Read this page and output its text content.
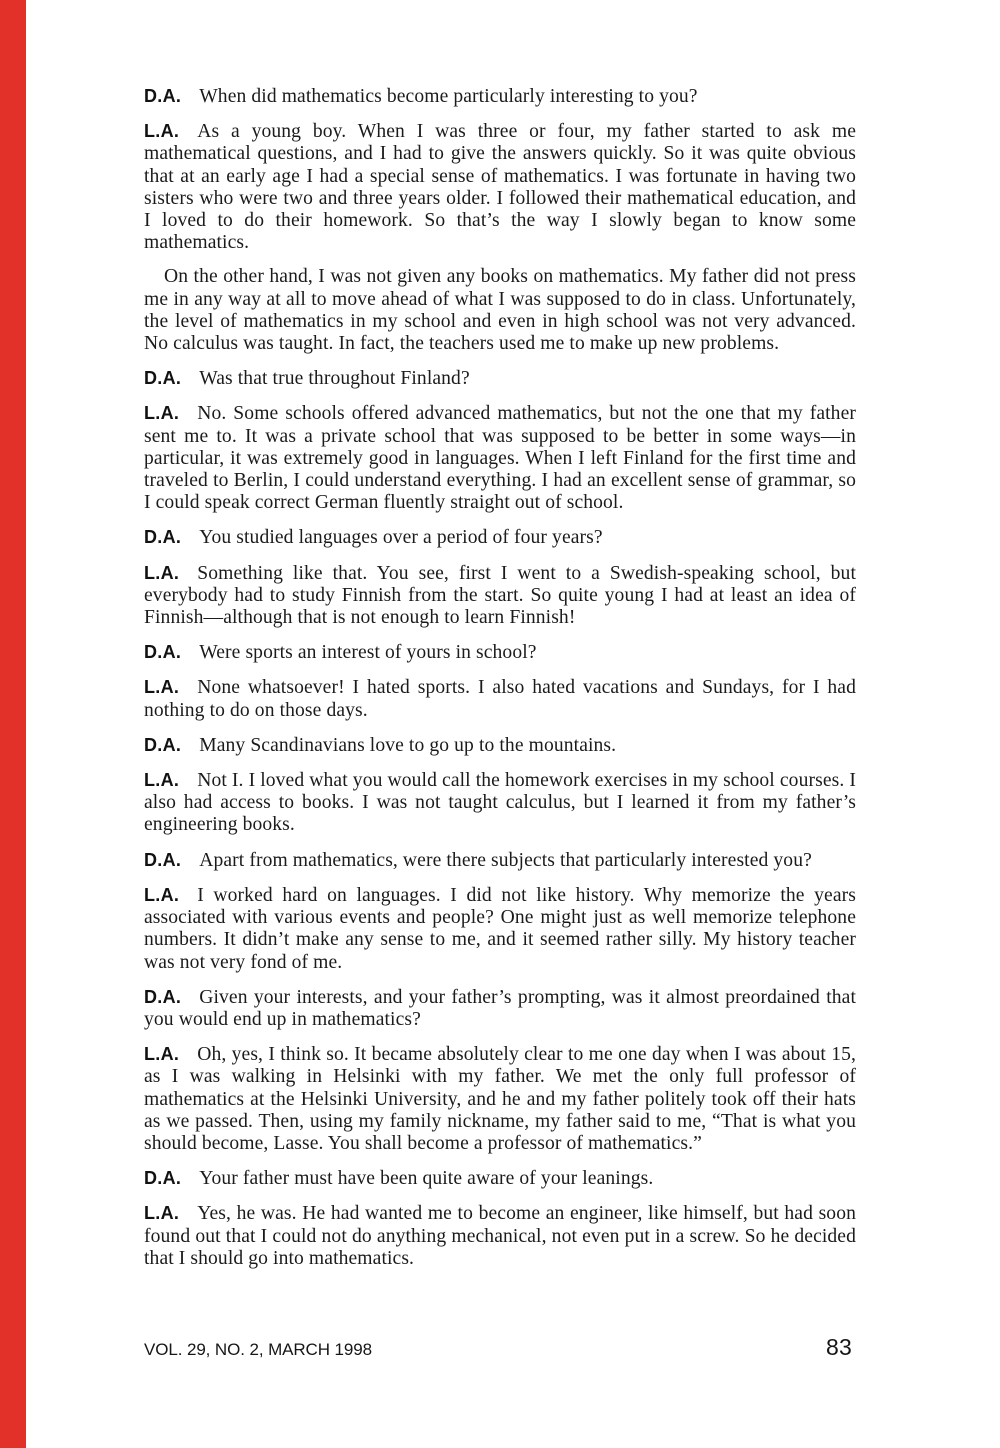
D.A. When did mathematics become particularly interesting to you?

L.A. As a young boy. When I was three or four, my father started to ask me mathematical questions, and I had to give the answers quickly. So it was quite obvious that at an early age I had a special sense of mathematics. I was fortunate in having two sisters who were two and three years older. I followed their mathematical education, and I loved to do their homework. So that’s the way I slowly began to know some mathematics.

On the other hand, I was not given any books on mathematics. My father did not press me in any way at all to move ahead of what I was supposed to do in class. Unfortunately, the level of mathematics in my school and even in high school was not very advanced. No calculus was taught. In fact, the teachers used me to make up new problems.

D.A. Was that true throughout Finland?

L.A. No. Some schools offered advanced mathematics, but not the one that my father sent me to. It was a private school that was supposed to be better in some ways—in particular, it was extremely good in languages. When I left Finland for the first time and traveled to Berlin, I could understand everything. I had an excellent sense of grammar, so I could speak correct German fluently straight out of school.

D.A. You studied languages over a period of four years?

L.A. Something like that. You see, first I went to a Swedish-speaking school, but everybody had to study Finnish from the start. So quite young I had at least an idea of Finnish—although that is not enough to learn Finnish!

D.A. Were sports an interest of yours in school?

L.A. None whatsoever! I hated sports. I also hated vacations and Sundays, for I had nothing to do on those days.

D.A. Many Scandinavians love to go up to the mountains.

L.A. Not I. I loved what you would call the homework exercises in my school courses. I also had access to books. I was not taught calculus, but I learned it from my father’s engineering books.

D.A. Apart from mathematics, were there subjects that particularly interested you?

L.A. I worked hard on languages. I did not like history. Why memorize the years associated with various events and people? One might just as well memorize telephone numbers. It didn’t make any sense to me, and it seemed rather silly. My history teacher was not very fond of me.

D.A. Given your interests, and your father’s prompting, was it almost preordained that you would end up in mathematics?

L.A. Oh, yes, I think so. It became absolutely clear to me one day when I was about 15, as I was walking in Helsinki with my father. We met the only full professor of mathematics at the Helsinki University, and he and my father politely took off their hats as we passed. Then, using my family nickname, my father said to me, “That is what you should become, Lasse. You shall become a professor of mathematics.”

D.A. Your father must have been quite aware of your leanings.

L.A. Yes, he was. He had wanted me to become an engineer, like himself, but had soon found out that I could not do anything mechanical, not even put in a screw. So he decided that I should go into mathematics.

VOL. 29, NO. 2, MARCH 1998	83
